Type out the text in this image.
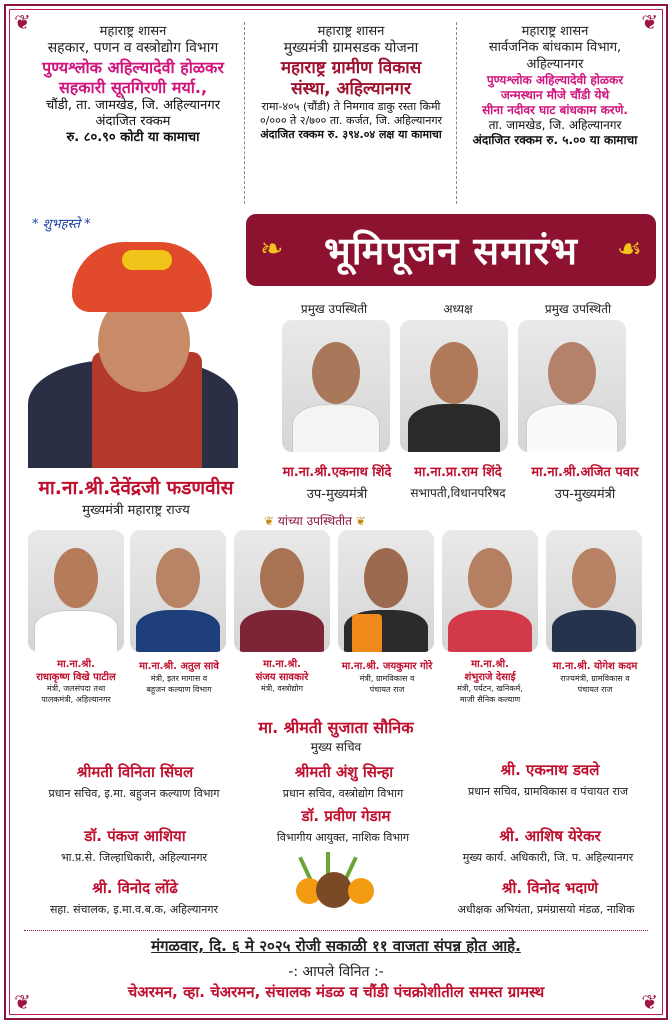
❦	❦
❦	❦
महाराष्ट्र शासन
सहकार, पणन व वस्त्रोद्योग विभाग
पुण्यश्लोक अहिल्यादेवी होळकर
सहकारी सूतगिरणी मर्या.,
चौंडी, ता. जामखेड, जि. अहिल्यानगर
अंदाजित रक्कम
रु. ८०.९० कोटी या कामाचा
महाराष्ट्र शासन
मुख्यमंत्री ग्रामसडक योजना
महाराष्ट्र ग्रामीण विकास
संस्था, अहिल्यानगर
रामा-४०५ (चौंडी) ते निमगाव डाकु रस्ता किमी
०/००० ते २/७०० ता. कर्जत, जि. अहिल्यानगर
अंदाजित रक्कम रु. ३९४.०४ लक्ष या कामाचा
महाराष्ट्र शासन
सार्वजनिक बांधकाम विभाग,
अहिल्यानगर
पुण्यश्लोक अहिल्यादेवी होळकर
जन्मस्थान मौजे चौंडी येथे
सीना नदीवर घाट बांधकाम करणे.
ता. जामखेड, जि. अहिल्यानगर
अंदाजित रक्कम रु. ५.०० या कामाचा
* शुभहस्ते *
मा.ना.श्री.देवेंद्रजी फडणवीस
मुख्यमंत्री महाराष्ट्र राज्य
❧ भूमिपूजन समारंभ ☙
प्रमुख उपस्थिती	अध्यक्ष	प्रमुख उपस्थिती
मा.ना.श्री.एकनाथ शिंदे
उप-मुख्यमंत्री
मा.ना.प्रा.राम शिंदे
सभापती,विधानपरिषद
मा.ना.श्री.अजित पवार
उप-मुख्यमंत्री
❦ यांच्या उपस्थितीत ❦
मा.ना.श्री.
राधाकृष्ण विखे पाटील
मंत्री, जलसंपदा तथा
पालकमंत्री, अहिल्यानगर
मा.ना.श्री. अतुल सावे
मंत्री, इतर मागास व
बहुजन कल्याण विभाग
मा.ना.श्री.
संजय सावकारे
मंत्री, वस्त्रोद्योग
मा.ना.श्री. जयकुमार गोरे
मंत्री, ग्रामविकास व
पंचायत राज
मा.ना.श्री.
शंभुराजे देसाई
मंत्री, पर्यटन, खनिकर्म,
माजी सैनिक कल्याण
मा.ना.श्री. योगेश कदम
राज्यमंत्री, ग्रामविकास व
पंचायत राज
मा. श्रीमती सुजाता सौनिक
मुख्य सचिव
श्रीमती विनिता सिंघल
प्रधान सचिव, इ.मा. बहुजन कल्याण विभाग
श्रीमती अंशु सिन्हा
प्रधान सचिव, वस्त्रोद्योग विभाग
श्री. एकनाथ डवले
प्रधान सचिव, ग्रामविकास व पंचायत राज
डॉ. प्रवीण गेडाम
विभागीय आयुक्त, नाशिक विभाग
डॉ. पंकज आशिया
भा.प्र.से. जिल्हाधिकारी, अहिल्यानगर
श्री. आशिष येरेकर
मुख्य कार्य. अधिकारी, जि. प. अहिल्यानगर
श्री. विनोद लोंढे
सहा. संचालक, इ.मा.व.ब.क, अहिल्यानगर
श्री. विनोद भदाणे
अधीक्षक अभियंता, प्रमंग्रासयो मंडळ, नाशिक
मंगळवार, दि. ६ मे २०२५ रोजी सकाळी ११ वाजता संपन्न होत आहे.
-: आपले विनित :-
चेअरमन, व्हा. चेअरमन, संचालक मंडळ व चौंडी पंचक्रोशीतील समस्त ग्रामस्थ
